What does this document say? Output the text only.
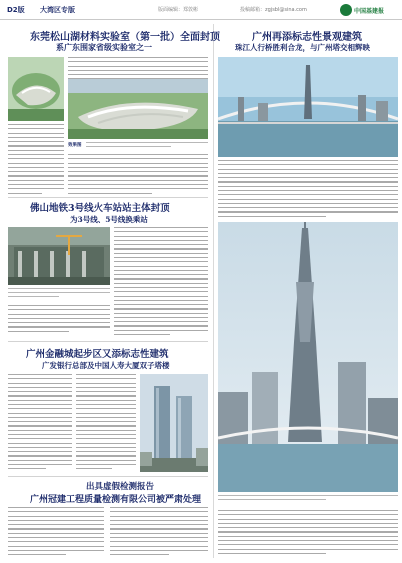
D2版 大湾区专版	版面编辑：郑敦彬	投稿邮箱：zgjsbl@sina.com	中国基建报
东莞松山湖材料实验室（第一批）全面封顶
系广东围家省级实验室之一
效果图
佛山地铁3号线火车站站主体封顶
为3号线、5号线换乘站
广州金融城起步区又添标志性建筑
广发银行总部及中国人寿大厦双子塔楼
出具虚假检测报告
广州冠建工程质量检测有限公司被严肃处理
广州再添标志性景观建筑
珠江人行桥胜利合龙，与广州塔交相辉映
